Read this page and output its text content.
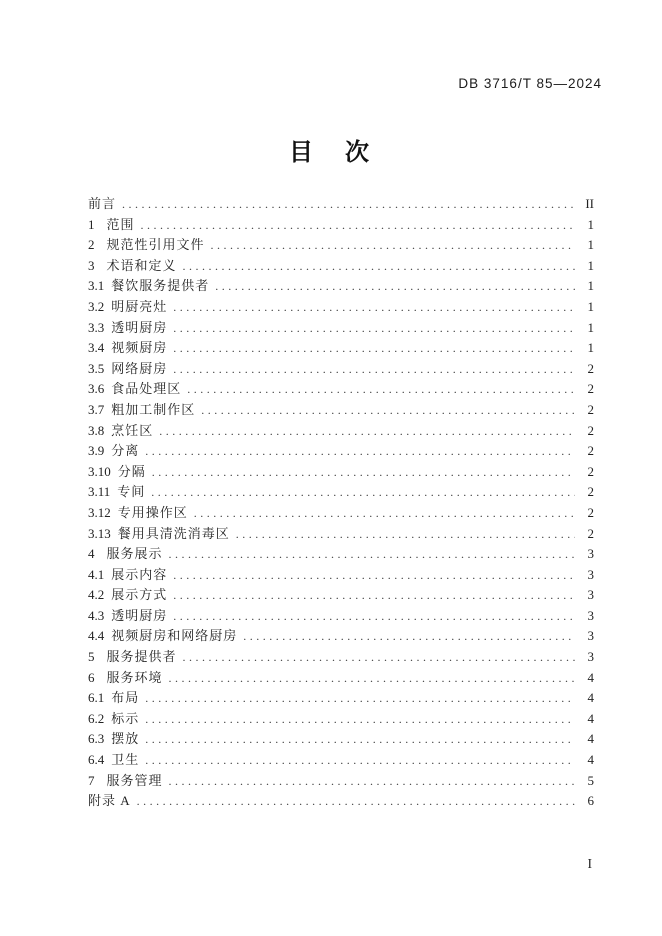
DB 3716/T 85—2024
目　次
前言 .....	II
1 范围 .....	1
2 规范性引用文件 .....	1
3 术语和定义 .....	1
3.1 餐饮服务提供者 .....	1
3.2 明厨亮灶 .....	1
3.3 透明厨房 .....	1
3.4 视频厨房 .....	1
3.5 网络厨房 .....	2
3.6 食品处理区 .....	2
3.7 粗加工制作区 .....	2
3.8 烹饪区 .....	2
3.9 分离 .....	2
3.10 分隔 .....	2
3.11 专间 .....	2
3.12 专用操作区 .....	2
3.13 餐用具清洗消毒区 .....	2
4 服务展示 .....	3
4.1 展示内容 .....	3
4.2 展示方式 .....	3
4.3 透明厨房 .....	3
4.4 视频厨房和网络厨房 .....	3
5 服务提供者 .....	3
6 服务环境 .....	4
6.1 布局 .....	4
6.2 标示 .....	4
6.3 摆放 .....	4
6.4 卫生 .....	4
7 服务管理 .....	5
附录 A .....	6
I
